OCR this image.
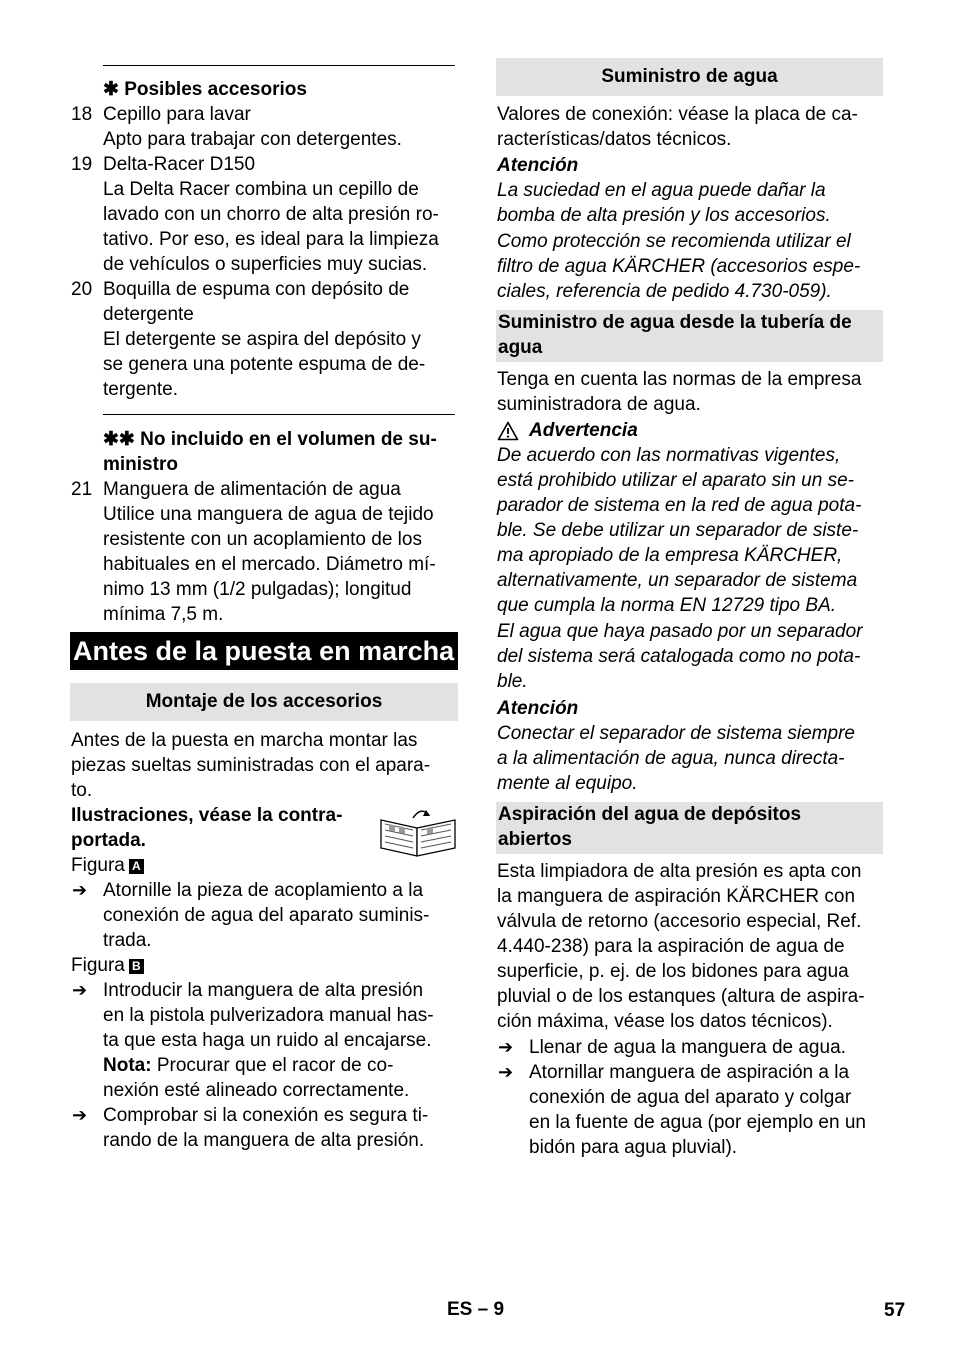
✱ Posibles accesorios
18 Cepillo para lavar
Apto para trabajar con detergentes.
19 Delta-Racer D150
La Delta Racer combina un cepillo de
lavado con un chorro de alta presión ro-
tativo. Por eso, es ideal para la limpieza
de vehículos o superficies muy sucias.
20 Boquilla de espuma con depósito de
detergente
El detergente se aspira del depósito y
se genera una potente espuma de de-
tergente.
✱✱ No incluido en el volumen de su-
ministro
21 Manguera de alimentación de agua
Utilice una manguera de agua de tejido
resistente con un acoplamiento de los
habituales en el mercado. Diámetro mí-
nimo 13 mm (1/2 pulgadas); longitud
mínima 7,5 m.
Antes de la puesta en marcha
Montaje de los accesorios
Antes de la puesta en marcha montar las
piezas sueltas suministradas con el apara-
to.
Ilustraciones, véase la contra-
portada.
Figura A
➔ Atornille la pieza de acoplamiento a la
conexión de agua del aparato suminis-
trada.
Figura B
➔ Introducir la manguera de alta presión
en la pistola pulverizadora manual has-
ta que esta haga un ruido al encajarse.
Nota: Procurar que el racor de co-
nexión esté alineado correctamente.
➔ Comprobar si la conexión es segura ti-
rando de la manguera de alta presión.
Suministro de agua
Valores de conexión: véase la placa de ca-
racterísticas/datos técnicos.
Atención
La suciedad en el agua puede dañar la
bomba de alta presión y los accesorios.
Como protección se recomienda utilizar el
filtro de agua KÄRCHER (accesorios espe-
ciales, referencia de pedido 4.730-059).
Suministro de agua desde la tubería de
agua
Tenga en cuenta las normas de la empresa
suministradora de agua.
Advertencia
De acuerdo con las normativas vigentes,
está prohibido utilizar el aparato sin un se-
parador de sistema en la red de agua pota-
ble. Se debe utilizar un separador de siste-
ma apropiado de la empresa KÄRCHER,
alternativamente, un separador de sistema
que cumpla la norma EN 12729 tipo BA.
El agua que haya pasado por un separador
del sistema será catalogada como no pota-
ble.
Atención
Conectar el separador de sistema siempre
a la alimentación de agua, nunca directa-
mente al equipo.
Aspiración del agua de depósitos
abiertos
Esta limpiadora de alta presión es apta con
la manguera de aspiración KÄRCHER con
válvula de retorno (accesorio especial, Ref.
4.440-238) para la aspiración de agua de
superficie, p. ej. de los bidones para agua
pluvial o de los estanques (altura de aspira-
ción máxima, véase los datos técnicos).
➔ Llenar de agua la manguera de agua.
➔ Atornillar manguera de aspiración a la
conexión de agua del aparato y colgar
en la fuente de agua (por ejemplo en un
bidón para agua pluvial).
ES – 9	57
